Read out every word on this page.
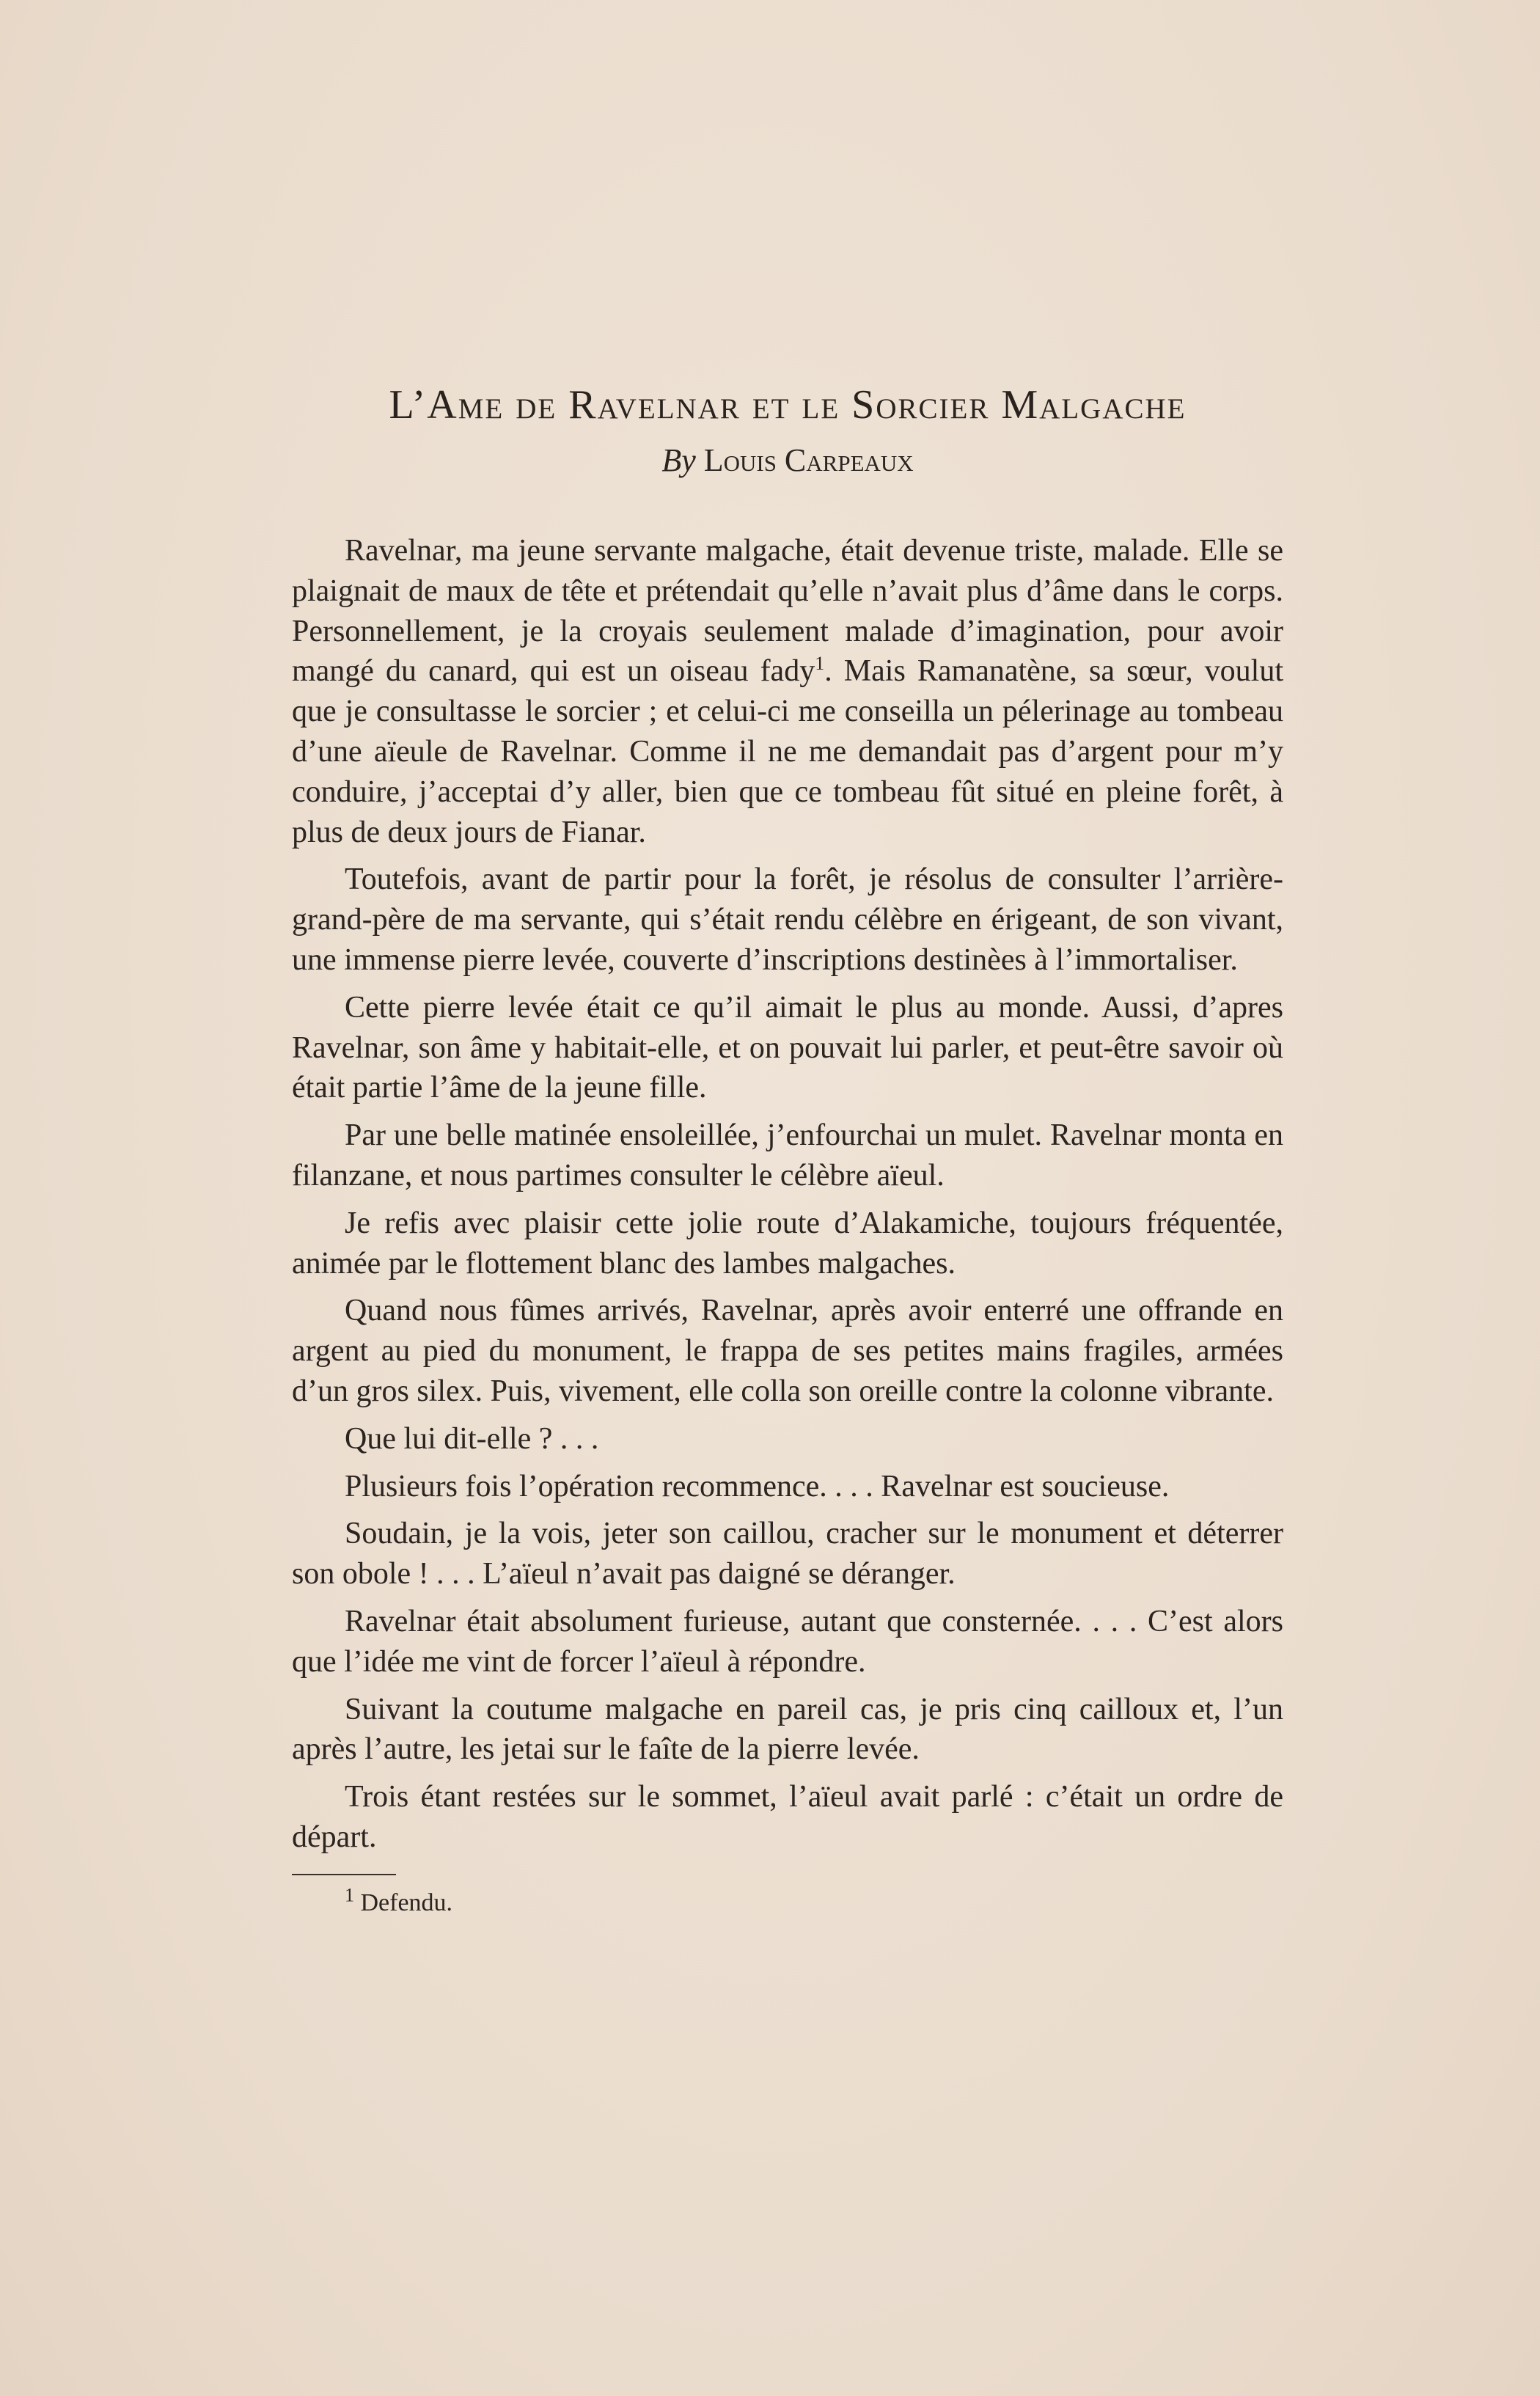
L’Ame de Ravelnar et le Sorcier Malgache
By Louis Carpeaux

Ravelnar, ma jeune servante malgache, était devenue triste, malade. Elle se plaignait de maux de tête et prétendait qu’elle n’avait plus d’âme dans le corps. Personnellement, je la croyais seulement malade d’imagination, pour avoir mangé du canard, qui est un oiseau fady$^1$. Mais Ramanatène, sa sœur, voulut que je consultasse le sorcier ; et celui-ci me conseilla un pélerinage au tombeau d’une aïeule de Ravelnar. Comme il ne me demandait pas d’argent pour m’y conduire, j’acceptai d’y aller, bien que ce tombeau fût situé en pleine forêt, à plus de deux jours de Fianar.

Toutefois, avant de partir pour la forêt, je résolus de consulter l’arrière-grand-père de ma servante, qui s’était rendu célèbre en érigeant, de son vivant, une immense pierre levée, couverte d’inscriptions destinèes à l’immortaliser.

Cette pierre levée était ce qu’il aimait le plus au monde. Aussi, d’apres Ravelnar, son âme y habitait-elle, et on pouvait lui parler, et peut-être savoir où était partie l’âme de la jeune fille.

Par une belle matinée ensoleillée, j’enfourchai un mulet. Ravelnar monta en filanzane, et nous partimes consulter le célèbre aïeul.

Je refis avec plaisir cette jolie route d’Alakamiche, toujours fréquentée, animée par le flottement blanc des lambes malgaches.

Quand nous fûmes arrivés, Ravelnar, après avoir enterré une offrande en argent au pied du monument, le frappa de ses petites mains fragiles, armées d’un gros silex. Puis, vivement, elle colla son oreille contre la colonne vibrante.

Que lui dit-elle ? . . .

Plusieurs fois l’opération recommence. . . . Ravelnar est soucieuse.

Soudain, je la vois, jeter son caillou, cracher sur le monument et déterrer son obole ! . . . L’aïeul n’avait pas daigné se déranger.

Ravelnar était absolument furieuse, autant que consternée. . . . C’est alors que l’idée me vint de forcer l’aïeul à répondre.

Suivant la coutume malgache en pareil cas, je pris cinq cailloux et, l’un après l’autre, les jetai sur le faîte de la pierre levée.

Trois étant restées sur le sommet, l’aïeul avait parlé : c’était un ordre de départ.

$^1$ Defendu.
